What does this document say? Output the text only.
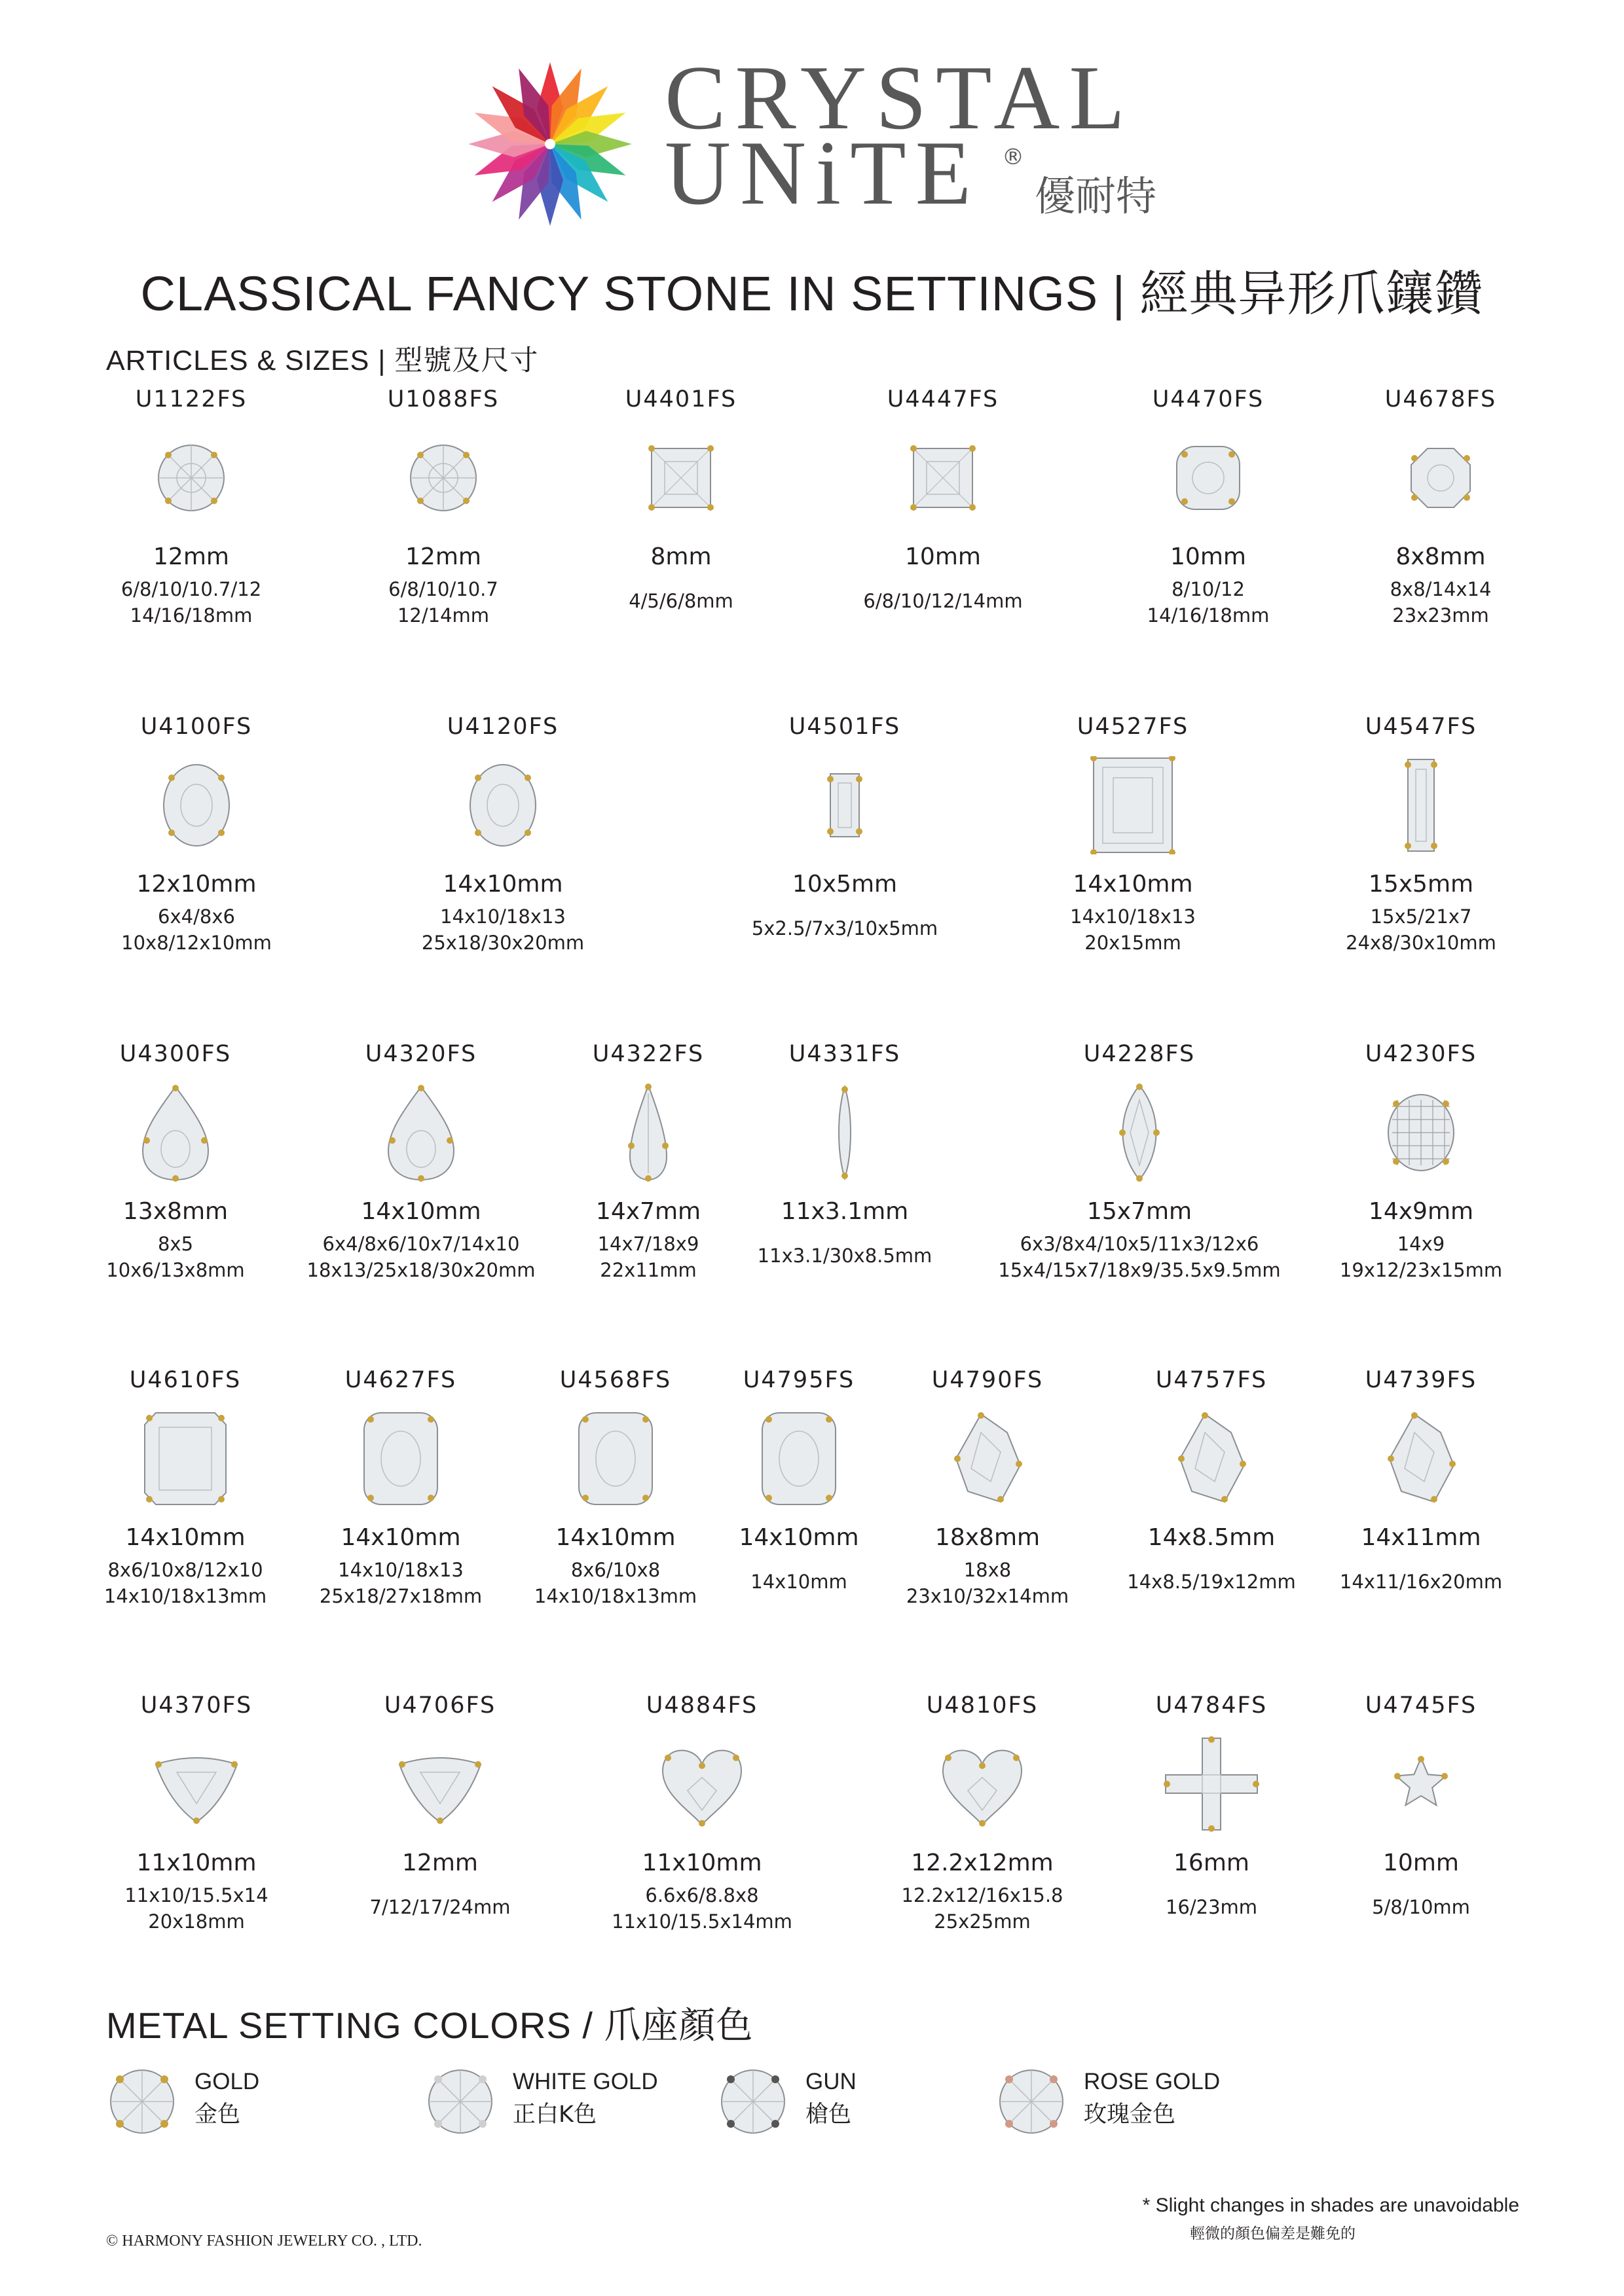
CRYSTAL
UNiTE ®
優耐特
CLASSICAL FANCY STONE IN SETTINGS | 經典异形爪鑲鑽
ARTICLES & SIZES | 型號及尺寸
U1122FS
12mm
6/8/10/10.7/12
14/16/18mm
U1088FS
12mm
6/8/10/10.7
12/14mm
U4401FS
8mm
4/5/6/8mm
U4447FS
10mm
6/8/10/12/14mm
U4470FS
10mm
8/10/12
14/16/18mm
U4678FS
8x8mm
8x8/14x14
23x23mm
U4100FS
12x10mm
6x4/8x6
10x8/12x10mm
U4120FS
14x10mm
14x10/18x13
25x18/30x20mm
U4501FS
10x5mm
5x2.5/7x3/10x5mm
U4527FS
14x10mm
14x10/18x13
20x15mm
U4547FS
15x5mm
15x5/21x7
24x8/30x10mm
U4300FS
13x8mm
8x5
10x6/13x8mm
U4320FS
14x10mm
6x4/8x6/10x7/14x10
18x13/25x18/30x20mm
U4322FS
14x7mm
14x7/18x9
22x11mm
U4331FS
11x3.1mm
11x3.1/30x8.5mm
U4228FS
15x7mm
6x3/8x4/10x5/11x3/12x6
15x4/15x7/18x9/35.5x9.5mm
U4230FS
14x9mm
14x9
19x12/23x15mm
U4610FS
14x10mm
8x6/10x8/12x10
14x10/18x13mm
U4627FS
14x10mm
14x10/18x13
25x18/27x18mm
U4568FS
14x10mm
8x6/10x8
14x10/18x13mm
U4795FS
14x10mm
14x10mm
U4790FS
18x8mm
18x8
23x10/32x14mm
U4757FS
14x8.5mm
14x8.5/19x12mm
U4739FS
14x11mm
14x11/16x20mm
U4370FS
11x10mm
11x10/15.5x14
20x18mm
U4706FS
12mm
7/12/17/24mm
U4884FS
11x10mm
6.6x6/8.8x8
11x10/15.5x14mm
U4810FS
12.2x12mm
12.2x12/16x15.8
25x25mm
U4784FS
16mm
16/23mm
U4745FS
10mm
5/8/10mm
METAL SETTING COLORS / 爪座顏色
GOLD
金色
WHITE GOLD
正白K色
GUN
槍色
ROSE GOLD
玫瑰金色
* Slight changes in shades are unavoidable
輕微的顏色偏差是難免的
© HARMONY FASHION JEWELRY CO. , LTD.
